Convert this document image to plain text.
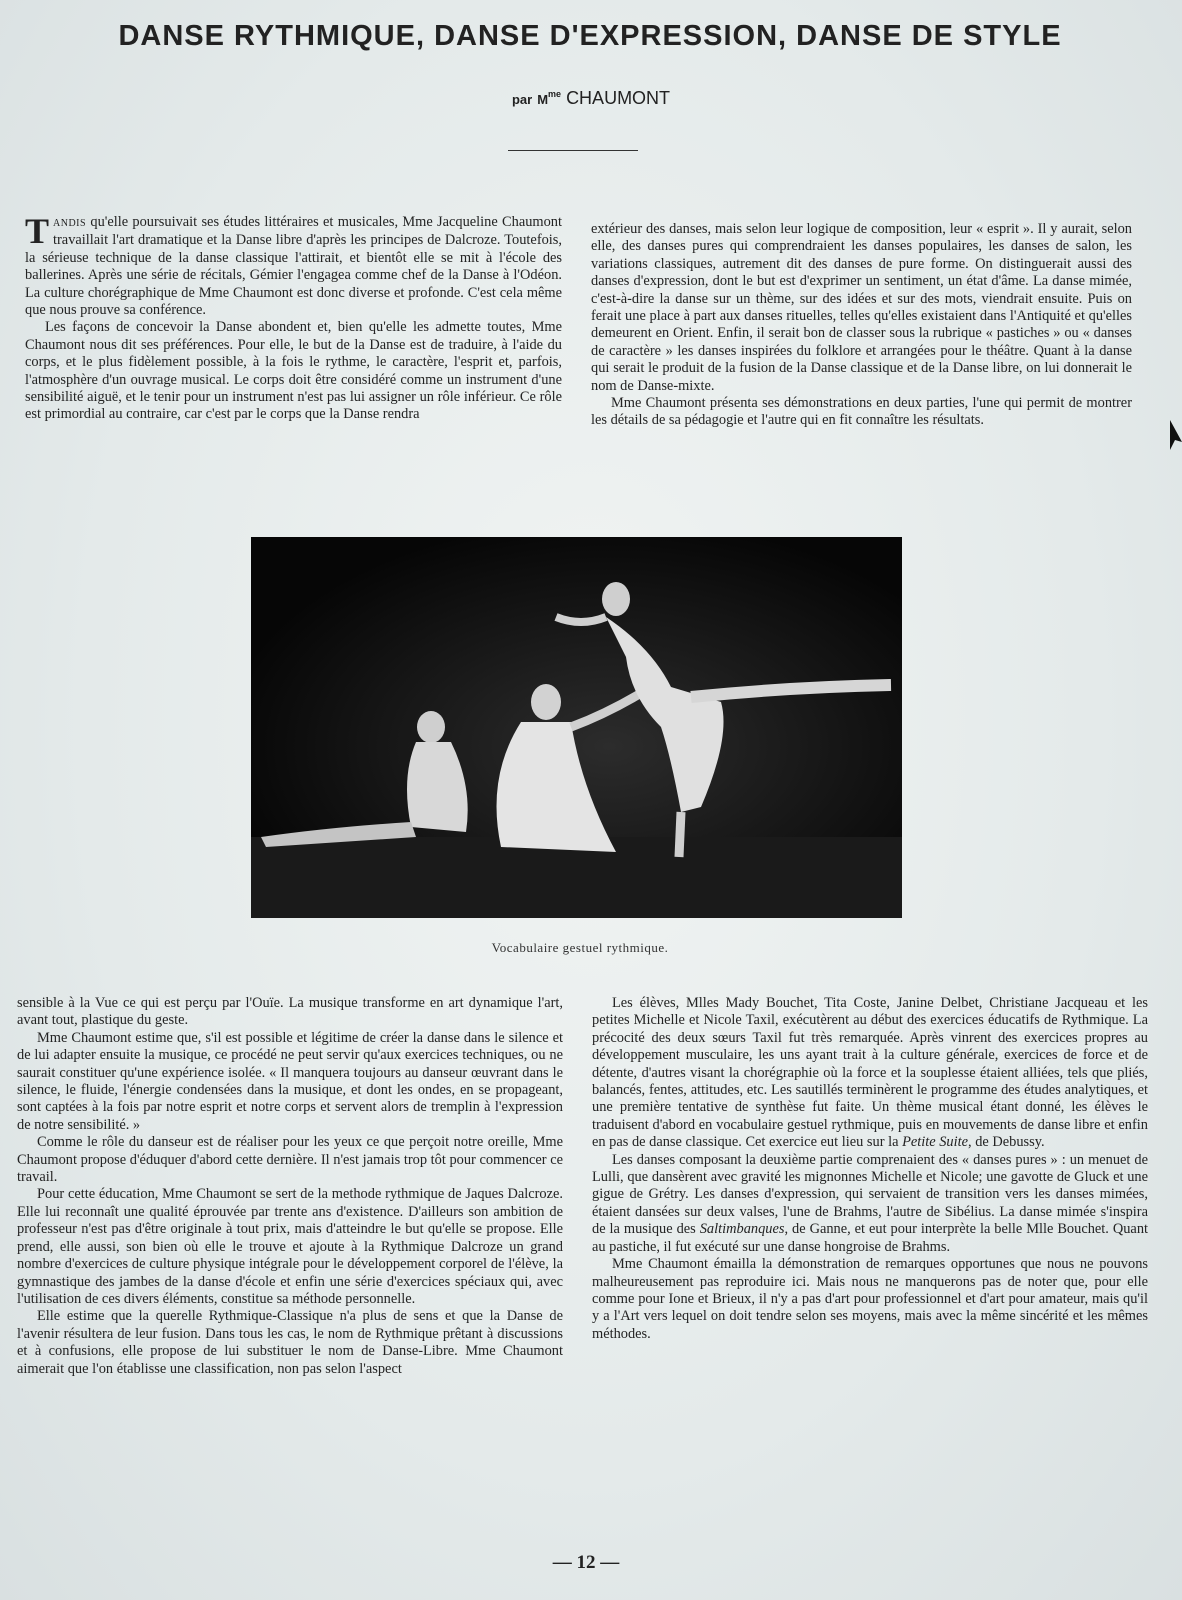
DANSE RYTHMIQUE, DANSE D'EXPRESSION, DANSE DE STYLE
par $M^{me}$ CHAUMONT

TANDIS qu'elle poursuivait ses études littéraires et musicales, Mme Jacqueline Chaumont travaillait l'art dramatique et la Danse libre d'après les principes de Dalcroze. Toutefois, la sérieuse technique de la danse classique l'attirait, et bientôt elle se mit à l'école des ballerines. Après une série de récitals, Gémier l'engagea comme chef de la Danse à l'Odéon. La culture chorégraphique de Mme Chaumont est donc diverse et profonde. C'est cela même que nous prouve sa conférence.

Les façons de concevoir la Danse abondent et, bien qu'elle les admette toutes, Mme Chaumont nous dit ses préférences. Pour elle, le but de la Danse est de traduire, à l'aide du corps, et le plus fidèlement possible, à la fois le rythme, le caractère, l'esprit et, parfois, l'atmosphère d'un ouvrage musical. Le corps doit être considéré comme un instrument d'une sensibilité aiguë, et le tenir pour un instrument n'est pas lui assigner un rôle inférieur. Ce rôle est primordial au contraire, car c'est par le corps que la Danse rendra

extérieur des danses, mais selon leur logique de composition, leur « esprit ». Il y aurait, selon elle, des danses pures qui comprendraient les danses populaires, les danses de salon, les variations classiques, autrement dit des danses de pure forme. On distinguerait aussi des danses d'expression, dont le but est d'exprimer un sentiment, un état d'âme. La danse mimée, c'est-à-dire la danse sur un thème, sur des idées et sur des mots, viendrait ensuite. Puis on ferait une place à part aux danses rituelles, telles qu'elles existaient dans l'Antiquité et qu'elles demeurent en Orient. Enfin, il serait bon de classer sous la rubrique « pastiches » ou « danses de caractère » les danses inspirées du folklore et arrangées pour le théâtre. Quant à la danse qui serait le produit de la fusion de la Danse classique et de la Danse libre, on lui donnerait le nom de Danse-mixte.

Mme Chaumont présenta ses démonstrations en deux parties, l'une qui permit de montrer les détails de sa pédagogie et l'autre qui en fit connaître les résultats.

Vocabulaire gestuel rythmique.

sensible à la Vue ce qui est perçu par l'Ouïe. La musique transforme en art dynamique l'art, avant tout, plastique du geste.

Mme Chaumont estime que, s'il est possible et légitime de créer la danse dans le silence et de lui adapter ensuite la musique, ce procédé ne peut servir qu'aux exercices techniques, ou ne saurait constituer qu'une expérience isolée. « Il manquera toujours au danseur œuvrant dans le silence, le fluide, l'énergie condensées dans la musique, et dont les ondes, en se propageant, sont captées à la fois par notre esprit et notre corps et servent alors de tremplin à l'expression de notre sensibilité. »

Comme le rôle du danseur est de réaliser pour les yeux ce que perçoit notre oreille, Mme Chaumont propose d'éduquer d'abord cette dernière. Il n'est jamais trop tôt pour commencer ce travail.

Pour cette éducation, Mme Chaumont se sert de la methode rythmique de Jaques Dalcroze. Elle lui reconnaît une qualité éprouvée par trente ans d'existence. D'ailleurs son ambition de professeur n'est pas d'être originale à tout prix, mais d'atteindre le but qu'elle se propose. Elle prend, elle aussi, son bien où elle le trouve et ajoute à la Rythmique Dalcroze un grand nombre d'exercices de culture physique intégrale pour le développement corporel de l'élève, la gymnastique des jambes de la danse d'école et enfin une série d'exercices spéciaux qui, avec l'utilisation de ces divers éléments, constitue sa méthode personnelle.

Elle estime que la querelle Rythmique-Classique n'a plus de sens et que la Danse de l'avenir résultera de leur fusion. Dans tous les cas, le nom de Rythmique prêtant à discussions et à confusions, elle propose de lui substituer le nom de Danse-Libre. Mme Chaumont aimerait que l'on établisse une classification, non pas selon l'aspect

Les élèves, Mlles Mady Bouchet, Tita Coste, Janine Delbet, Christiane Jacqueau et les petites Michelle et Nicole Taxil, exécutèrent au début des exercices éducatifs de Rythmique. La précocité des deux sœurs Taxil fut très remarquée. Après vinrent des exercices propres au développement musculaire, les uns ayant trait à la culture générale, exercices de force et de détente, d'autres visant la chorégraphie où la force et la souplesse étaient alliées, tels que pliés, balancés, fentes, attitudes, etc. Les sautillés terminèrent le programme des études analytiques, et une première tentative de synthèse fut faite. Un thème musical étant donné, les élèves le traduisent d'abord en vocabulaire gestuel rythmique, puis en mouvements de danse libre et enfin en pas de danse classique. Cet exercice eut lieu sur la Petite Suite, de Debussy.

Les danses composant la deuxième partie comprenaient des « danses pures » : un menuet de Lulli, que dansèrent avec gravité les mignonnes Michelle et Nicole; une gavotte de Gluck et une gigue de Grétry. Les danses d'expression, qui servaient de transition vers les danses mimées, étaient dansées sur deux valses, l'une de Brahms, l'autre de Sibélius. La danse mimée s'inspira de la musique des Saltimbanques, de Ganne, et eut pour interprète la belle Mlle Bouchet. Quant au pastiche, il fut exécuté sur une danse hongroise de Brahms.

Mme Chaumont émailla la démonstration de remarques opportunes que nous ne pouvons malheureusement pas reproduire ici. Mais nous ne manquerons pas de noter que, pour elle comme pour Ione et Brieux, il n'y a pas d'art pour professionnel et d'art pour amateur, mais qu'il y a l'Art vers lequel on doit tendre selon ses moyens, mais avec la même sincérité et les mêmes méthodes.

— 12 —
